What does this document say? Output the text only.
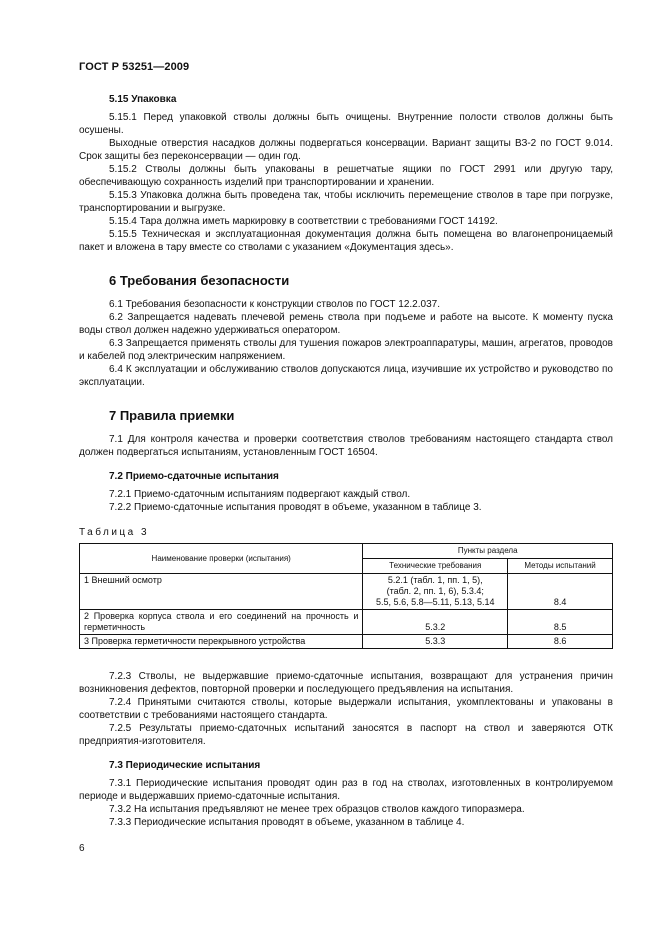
ГОСТ Р 53251—2009
5.15 Упаковка

5.15.1 Перед упаковкой стволы должны быть очищены. Внутренние полости стволов должны быть осушены.

Выходные отверстия насадков должны подвергаться консервации. Вариант защиты ВЗ-2 по ГОСТ 9.014. Срок защиты без переконсервации — один год.

5.15.2 Стволы должны быть упакованы в решетчатые ящики по ГОСТ 2991 или другую тару, обеспечивающую сохранность изделий при транспортировании и хранении.

5.15.3 Упаковка должна быть проведена так, чтобы исключить перемещение стволов в таре при погрузке, транспортировании и выгрузке.

5.15.4 Тара должна иметь маркировку в соответствии с требованиями ГОСТ 14192.

5.15.5 Техническая и эксплуатационная документация должна быть помещена во влагонепроницаемый пакет и вложена в тару вместе со стволами с указанием «Документация здесь».

6 Требования безопасности

6.1 Требования безопасности к конструкции стволов по ГОСТ 12.2.037.

6.2 Запрещается надевать плечевой ремень ствола при подъеме и работе на высоте. К моменту пуска воды ствол должен надежно удерживаться оператором.

6.3 Запрещается применять стволы для тушения пожаров электроаппаратуры, машин, агрегатов, проводов и кабелей под электрическим напряжением.

6.4 К эксплуатации и обслуживанию стволов допускаются лица, изучившие их устройство и руководство по эксплуатации.

7 Правила приемки

7.1 Для контроля качества и проверки соответствия стволов требованиям настоящего стандарта ствол должен подвергаться испытаниям, установленным ГОСТ 16504.

7.2 Приемо-сдаточные испытания

7.2.1 Приемо-сдаточным испытаниям подвергают каждый ствол.

7.2.2 Приемо-сдаточные испытания проводят в объеме, указанном в таблице 3.

Таблица 3
Наименование проверки (испытания)	Пункты раздела	
	Технические требования	Методы испытаний
1 Внешний осмотр	5.2.1 (табл. 1, пп. 1, 5),
(табл. 2, пп. 1, 6), 5.3.4;
5.5, 5.6, 5.8—5.11, 5.13, 5.14	8.4
2 Проверка корпуса ствола и его соединений на прочность и герметичность	5.3.2	8.5
3 Проверка герметичности перекрывного устройства	5.3.3	8.6

7.2.3 Стволы, не выдержавшие приемо-сдаточные испытания, возвращают для устранения причин возникновения дефектов, повторной проверки и последующего предъявления на испытания.

7.2.4 Принятыми считаются стволы, которые выдержали испытания, укомплектованы и упакованы в соответствии с требованиями настоящего стандарта.

7.2.5 Результаты приемо-сдаточных испытаний заносятся в паспорт на ствол и заверяются ОТК предприятия-изготовителя.

7.3 Периодические испытания

7.3.1 Периодические испытания проводят один раз в год на стволах, изготовленных в контролируемом периоде и выдержавших приемо-сдаточные испытания.

7.3.2 На испытания предъявляют не менее трех образцов стволов каждого типоразмера.

7.3.3 Периодические испытания проводят в объеме, указанном в таблице 4.

6
